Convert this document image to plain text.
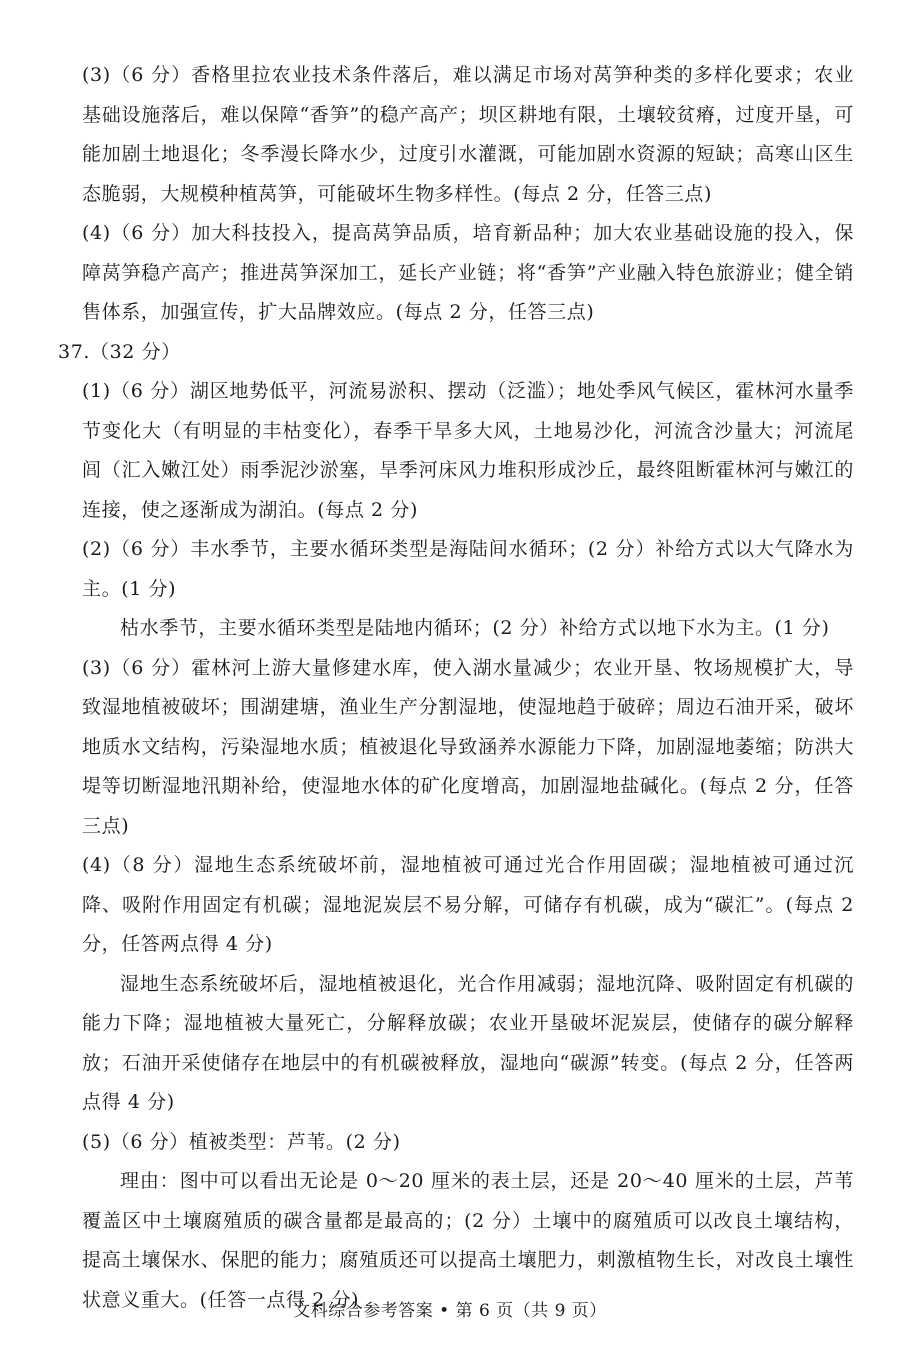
(3)（6 分）香格里拉农业技术条件落后，难以满足市场对莴笋种类的多样化要求；农业基础设施落后，难以保障“香笋”的稳产高产；坝区耕地有限，土壤较贫瘠，过度开垦，可能加剧土地退化；冬季漫长降水少，过度引水灌溉，可能加剧水资源的短缺；高寒山区生态脆弱，大规模种植莴笋，可能破坏生物多样性。(每点 2 分，任答三点)

(4)（6 分）加大科技投入，提高莴笋品质，培育新品种；加大农业基础设施的投入，保障莴笋稳产高产；推进莴笋深加工，延长产业链；将“香笋”产业融入特色旅游业；健全销售体系，加强宣传，扩大品牌效应。(每点 2 分，任答三点)

37.（32 分）

(1)（6 分）湖区地势低平，河流易淤积、摆动（泛滥）；地处季风气候区，霍林河水量季节变化大（有明显的丰枯变化），春季干旱多大风，土地易沙化，河流含沙量大；河流尾闾（汇入嫩江处）雨季泥沙淤塞，旱季河床风力堆积形成沙丘，最终阻断霍林河与嫩江的连接，使之逐渐成为湖泊。(每点 2 分)

(2)（6 分）丰水季节，主要水循环类型是海陆间水循环；(2 分）补给方式以大气降水为主。(1 分)

枯水季节，主要水循环类型是陆地内循环；(2 分）补给方式以地下水为主。(1 分)

(3)（6 分）霍林河上游大量修建水库，使入湖水量减少；农业开垦、牧场规模扩大，导致湿地植被破坏；围湖建塘，渔业生产分割湿地，使湿地趋于破碎；周边石油开采，破坏地质水文结构，污染湿地水质；植被退化导致涵养水源能力下降，加剧湿地萎缩；防洪大堤等切断湿地汛期补给，使湿地水体的矿化度增高，加剧湿地盐碱化。(每点 2 分，任答三点)

(4)（8 分）湿地生态系统破坏前，湿地植被可通过光合作用固碳；湿地植被可通过沉降、吸附作用固定有机碳；湿地泥炭层不易分解，可储存有机碳，成为“碳汇”。(每点 2 分，任答两点得 4 分)

湿地生态系统破坏后，湿地植被退化，光合作用减弱；湿地沉降、吸附固定有机碳的能力下降；湿地植被大量死亡，分解释放碳；农业开垦破坏泥炭层，使储存的碳分解释放；石油开采使储存在地层中的有机碳被释放，湿地向“碳源”转变。(每点 2 分，任答两点得 4 分)

(5)（6 分）植被类型：芦苇。(2 分)

理由：图中可以看出无论是 0～20 厘米的表土层，还是 20～40 厘米的土层，芦苇覆盖区中土壤腐殖质的碳含量都是最高的；(2 分）土壤中的腐殖质可以改良土壤结构，提高土壤保水、保肥的能力；腐殖质还可以提高土壤肥力，刺激植物生长，对改良土壤性状意义重大。(任答一点得 2 分)

文科综合参考答案 • 第 6 页（共 9 页）
